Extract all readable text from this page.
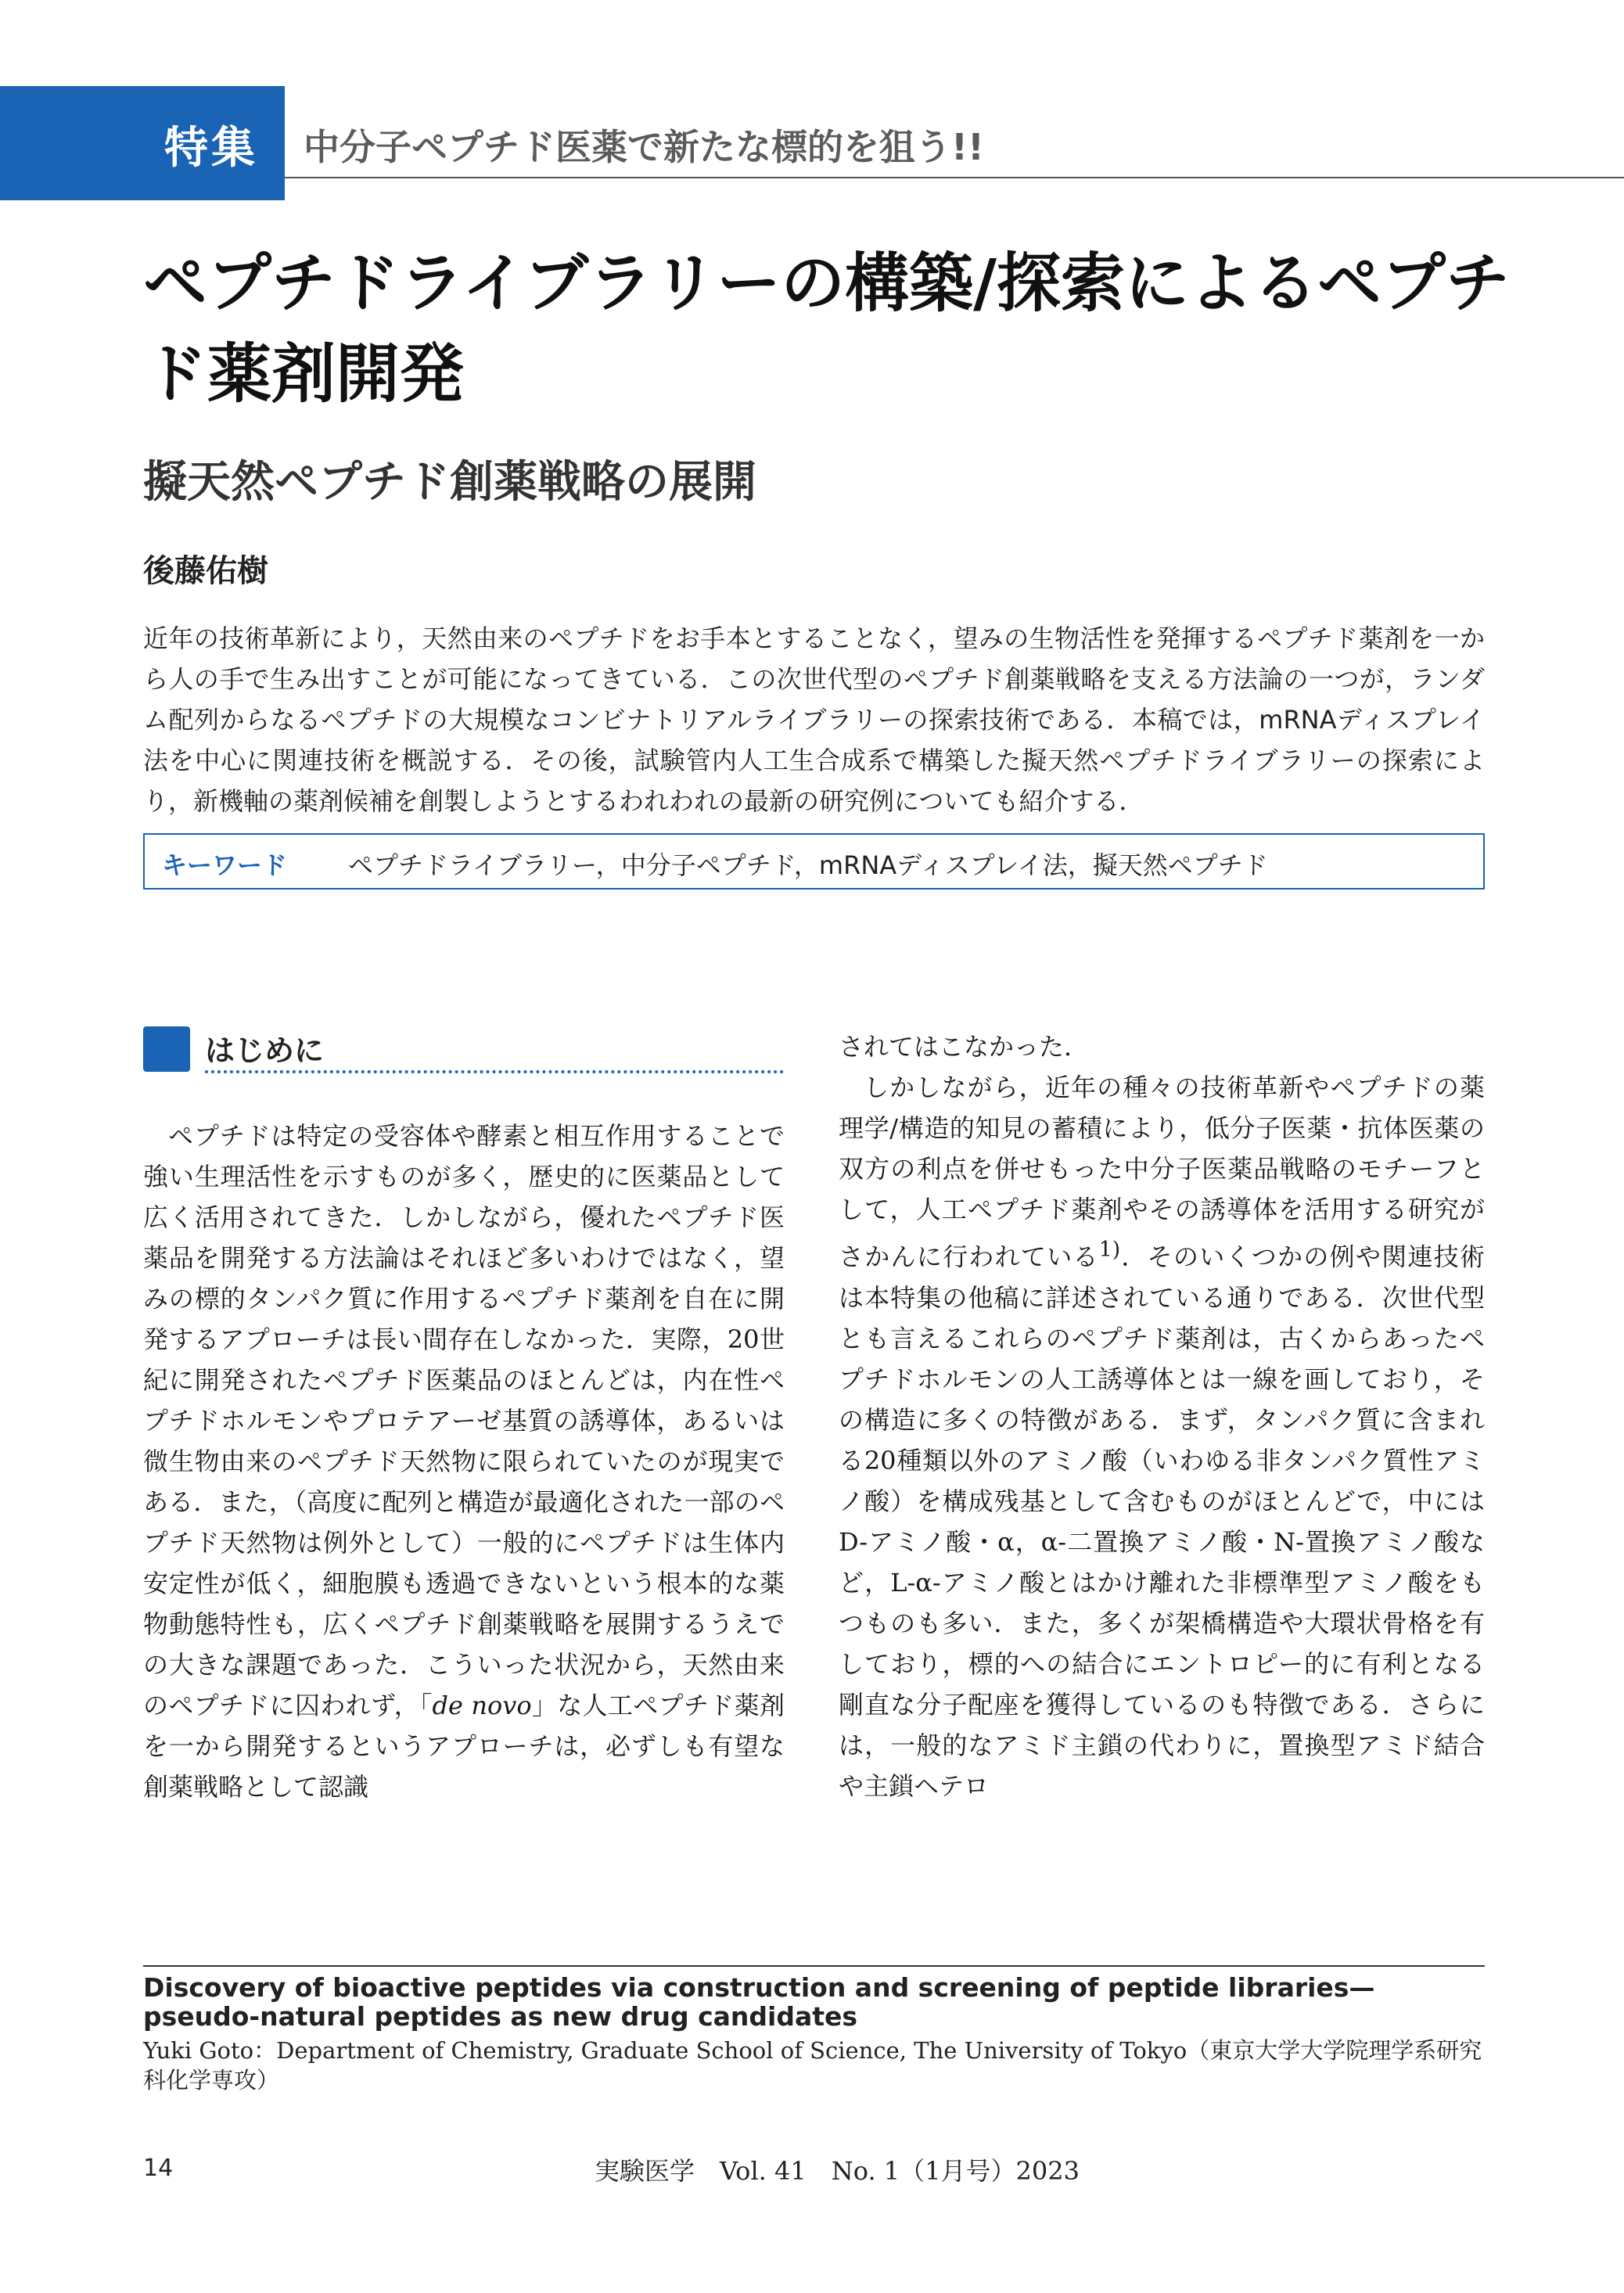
特集 中分子ペプチド医薬で新たな標的を狙う!!
ペプチドライブラリーの構築/探索によるペプチド薬剤開発
擬天然ペプチド創薬戦略の展開
後藤佑樹

近年の技術革新により，天然由来のペプチドをお手本とすることなく，望みの生物活性を発揮するペプチド薬剤を一から人の手で生み出すことが可能になってきている．この次世代型のペプチド創薬戦略を支える方法論の一つが，ランダム配列からなるペプチドの大規模なコンビナトリアルライブラリーの探索技術である．本稿では，mRNAディスプレイ法を中心に関連技術を概説する．その後，試験管内人工生合成系で構築した擬天然ペプチドライブラリーの探索により，新機軸の薬剤候補を創製しようとするわれわれの最新の研究例についても紹介する．

キーワード ペプチドライブラリー，中分子ペプチド，mRNAディスプレイ法，擬天然ペプチド
はじめに

ペプチドは特定の受容体や酵素と相互作用することで強い生理活性を示すものが多く，歴史的に医薬品として広く活用されてきた．しかしながら，優れたペプチド医薬品を開発する方法論はそれほど多いわけではなく，望みの標的タンパク質に作用するペプチド薬剤を自在に開発するアプローチは長い間存在しなかった．実際，20世紀に開発されたペプチド医薬品のほとんどは，内在性ペプチドホルモンやプロテアーゼ基質の誘導体，あるいは微生物由来のペプチド天然物に限られていたのが現実である．また，（高度に配列と構造が最適化された一部のペプチド天然物は例外として）一般的にペプチドは生体内安定性が低く，細胞膜も透過できないという根本的な薬物動態特性も，広くペプチド創薬戦略を展開するうえでの大きな課題であった．こういった状況から，天然由来のペプチドに囚われず，「de novo」な人工ペプチド薬剤を一から開発するというアプローチは，必ずしも有望な創薬戦略として認識

されてはこなかった．

しかしながら，近年の種々の技術革新やペプチドの薬理学/構造的知見の蓄積により，低分子医薬・抗体医薬の双方の利点を併せもった中分子医薬品戦略のモチーフとして，人工ペプチド薬剤やその誘導体を活用する研究がさかんに行われている$^{1)}$．そのいくつかの例や関連技術は本特集の他稿に詳述されている通りである．次世代型とも言えるこれらのペプチド薬剤は，古くからあったペプチドホルモンの人工誘導体とは一線を画しており，その構造に多くの特徴がある．まず，タンパク質に含まれる20種類以外のアミノ酸（いわゆる非タンパク質性アミノ酸）を構成残基として含むものがほとんどで，中にはD-アミノ酸・α，α-二置換アミノ酸・N-置換アミノ酸など，L-α-アミノ酸とはかけ離れた非標準型アミノ酸をもつものも多い．また，多くが架橋構造や大環状骨格を有しており，標的への結合にエントロピー的に有利となる剛直な分子配座を獲得しているのも特徴である．さらには，一般的なアミド主鎖の代わりに，置換型アミド結合や主鎖ヘテロ

Discovery of bioactive peptides via construction and screening of peptide libraries—pseudo-natural peptides as new drug candidates
Yuki Goto：Department of Chemistry, Graduate School of Science, The University of Tokyo（東京大学大学院理学系研究科化学専攻）
14	実験医学　Vol. 41　No. 1（1月号）2023
